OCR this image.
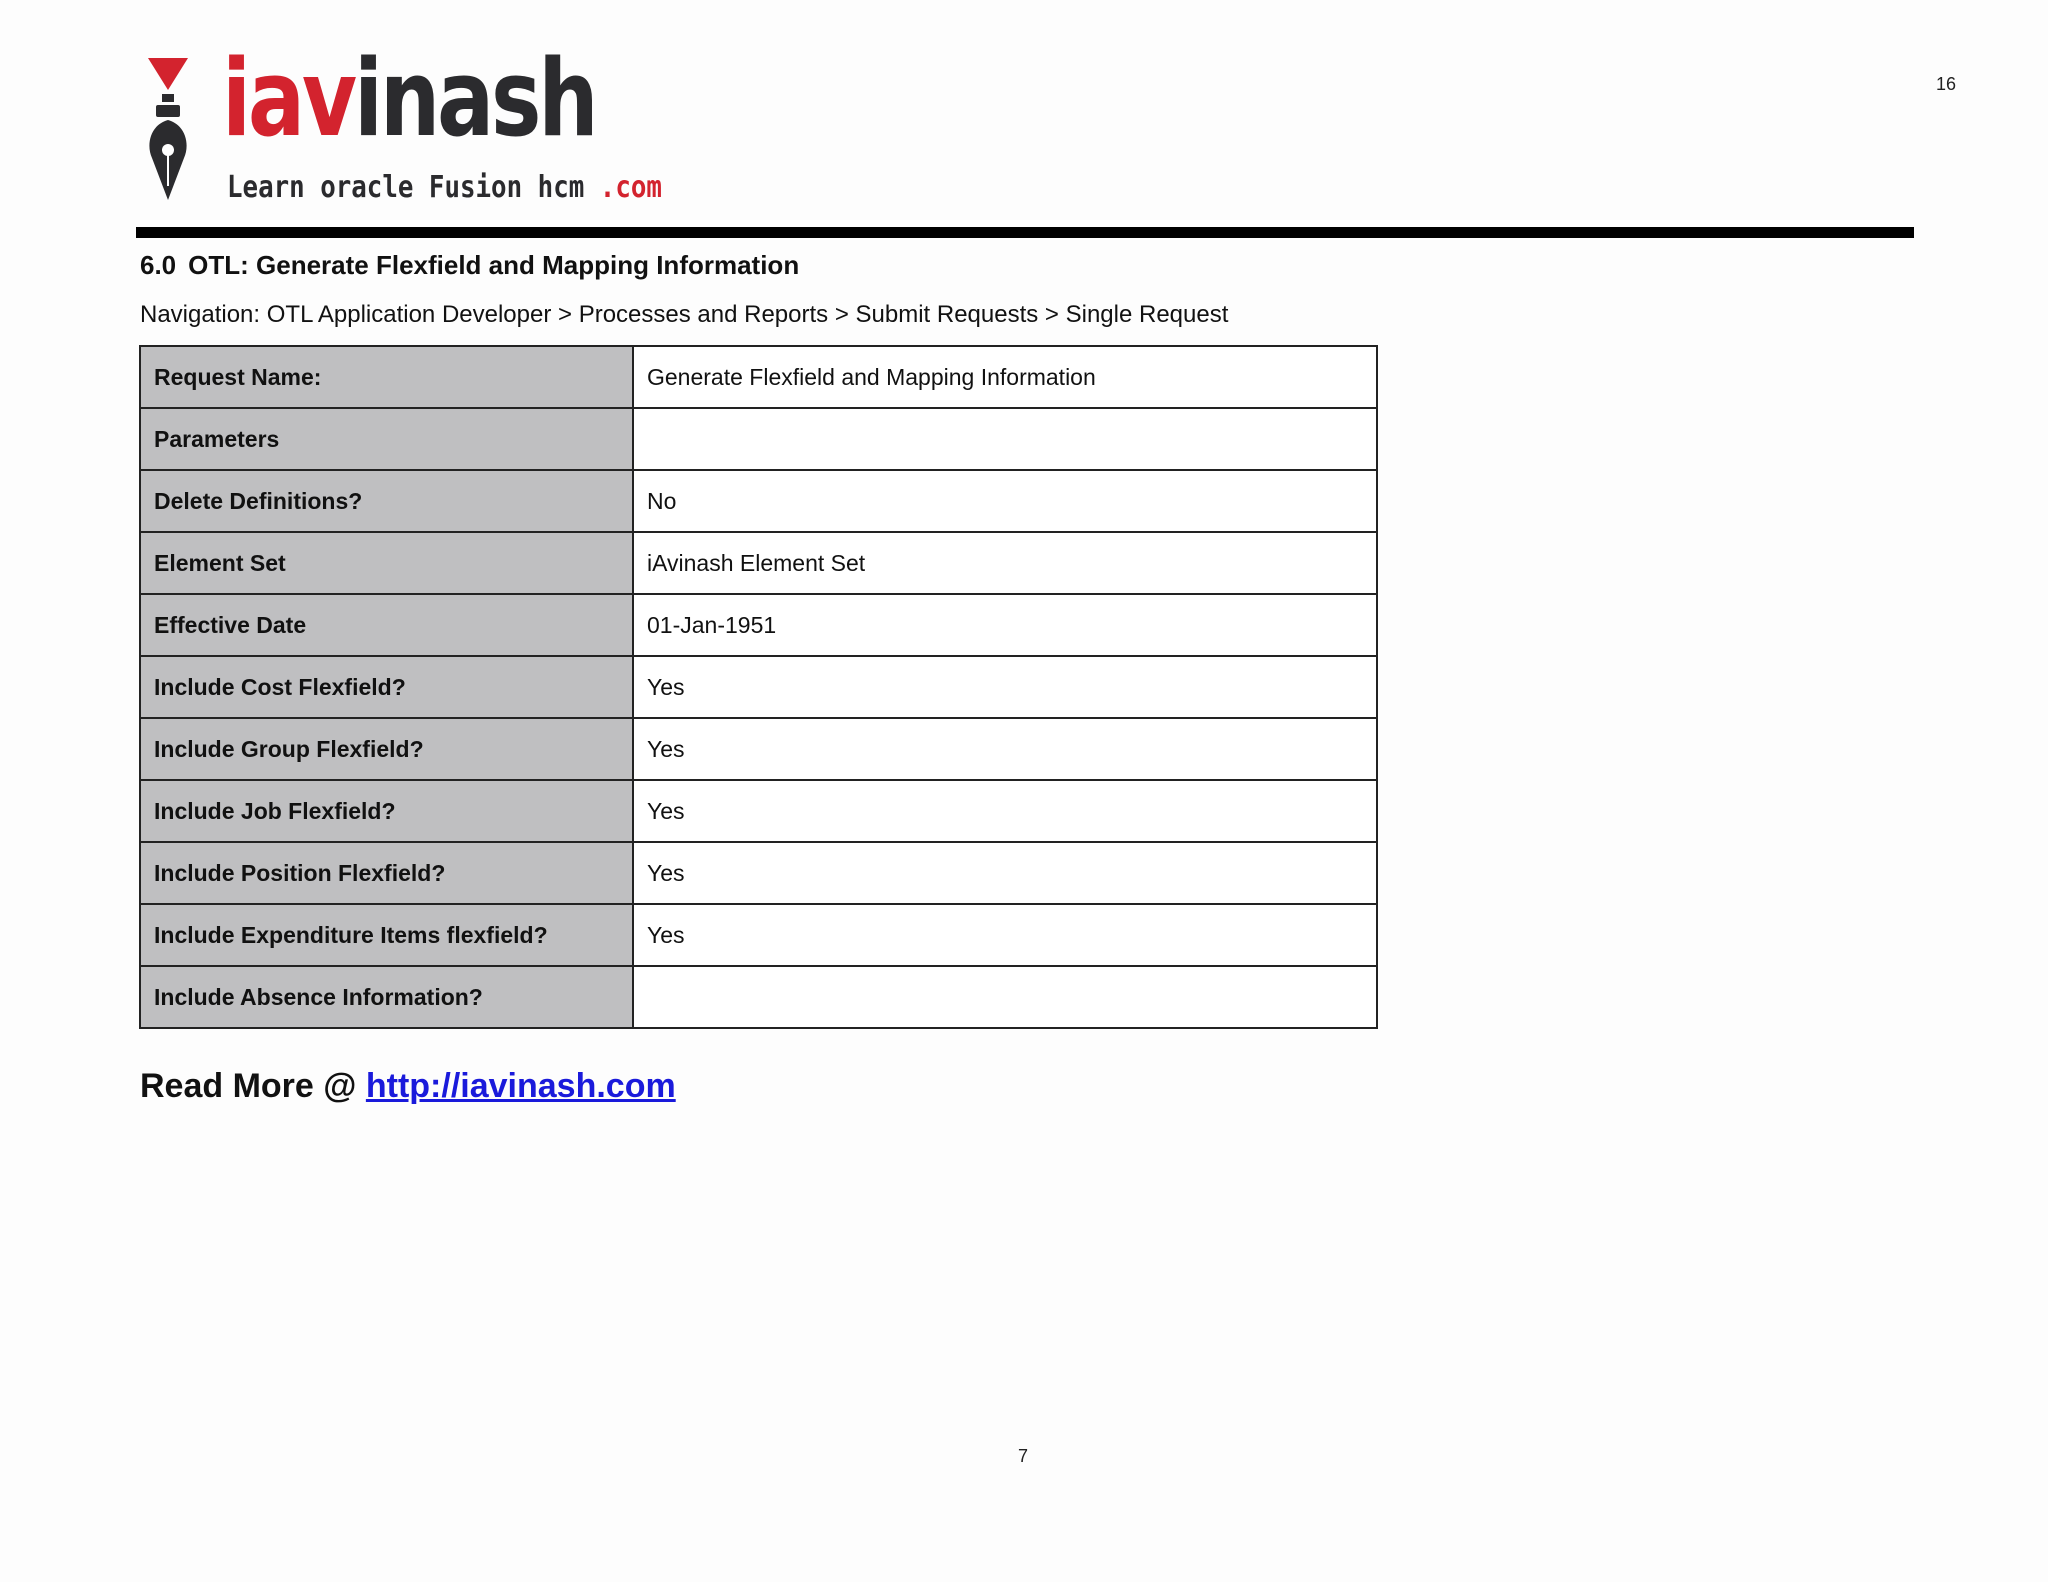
iavinash
Learn oracle Fusion hcm .com
16
6.0 OTL: Generate Flexfield and Mapping Information
Navigation: OTL Application Developer > Processes and Reports > Submit Requests > Single Request
Request Name:	Generate Flexfield and Mapping Information
Parameters	
Delete Definitions?	No
Element Set	iAvinash Element Set
Effective Date	01-Jan-1951
Include Cost Flexfield?	Yes
Include Group Flexfield?	Yes
Include Job Flexfield?	Yes
Include Position Flexfield?	Yes
Include Expenditure Items flexfield?	Yes
Include Absence Information?	
Read More @ http://iavinash.com
7
